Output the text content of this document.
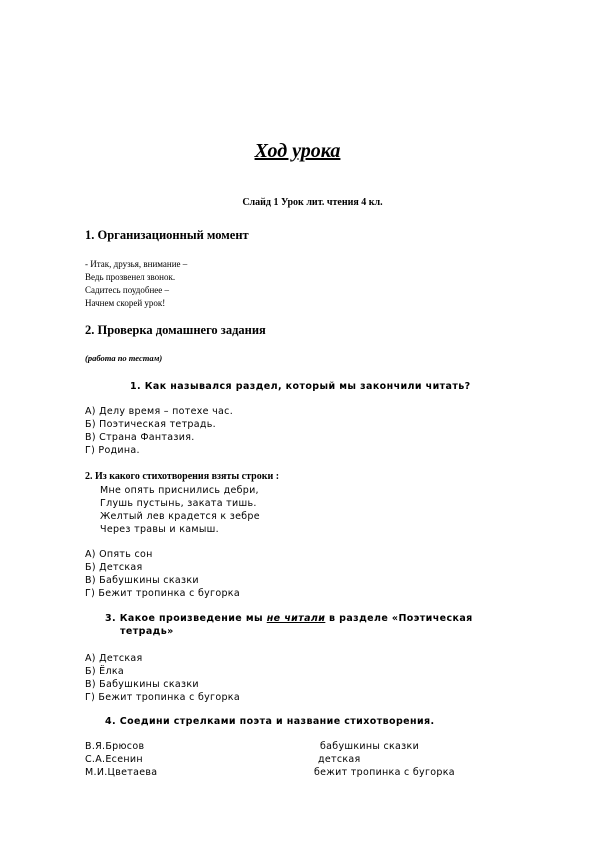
Ход урока
Слайд 1 Урок лит. чтения 4 кл.
1. Организационный момент
- Итак, друзья, внимание –
Ведь прозвенел звонок.
Садитесь поудобнее –
Начнем скорей урок!
2. Проверка домашнего задания
(работа по тестам)
1. Как назывался раздел, который мы закончили читать?
А) Делу время – потехе час.
Б) Поэтическая тетрадь.
В) Страна Фантазия.
Г) Родина.
2. Из какого стихотворения взяты строки :
Мне опять приснились дебри,
Глушь пустынь, заката тишь.
Желтый лев крадется к зебре
Через травы и камыш.
А) Опять сон
Б) Детская
В) Бабушкины сказки
Г) Бежит тропинка с бугорка
3. Какое произведение мы не читали в разделе «Поэтическая
тетрадь»
А) Детская
Б) Ёлка
В) Бабушкины сказки
Г) Бежит тропинка с бугорка
4. Соедини стрелками поэта и название стихотворения.
В.Я.Брюсов	бабушкины сказки
С.А.Есенин	детская
М.И.Цветаева	бежит тропинка с бугорка
